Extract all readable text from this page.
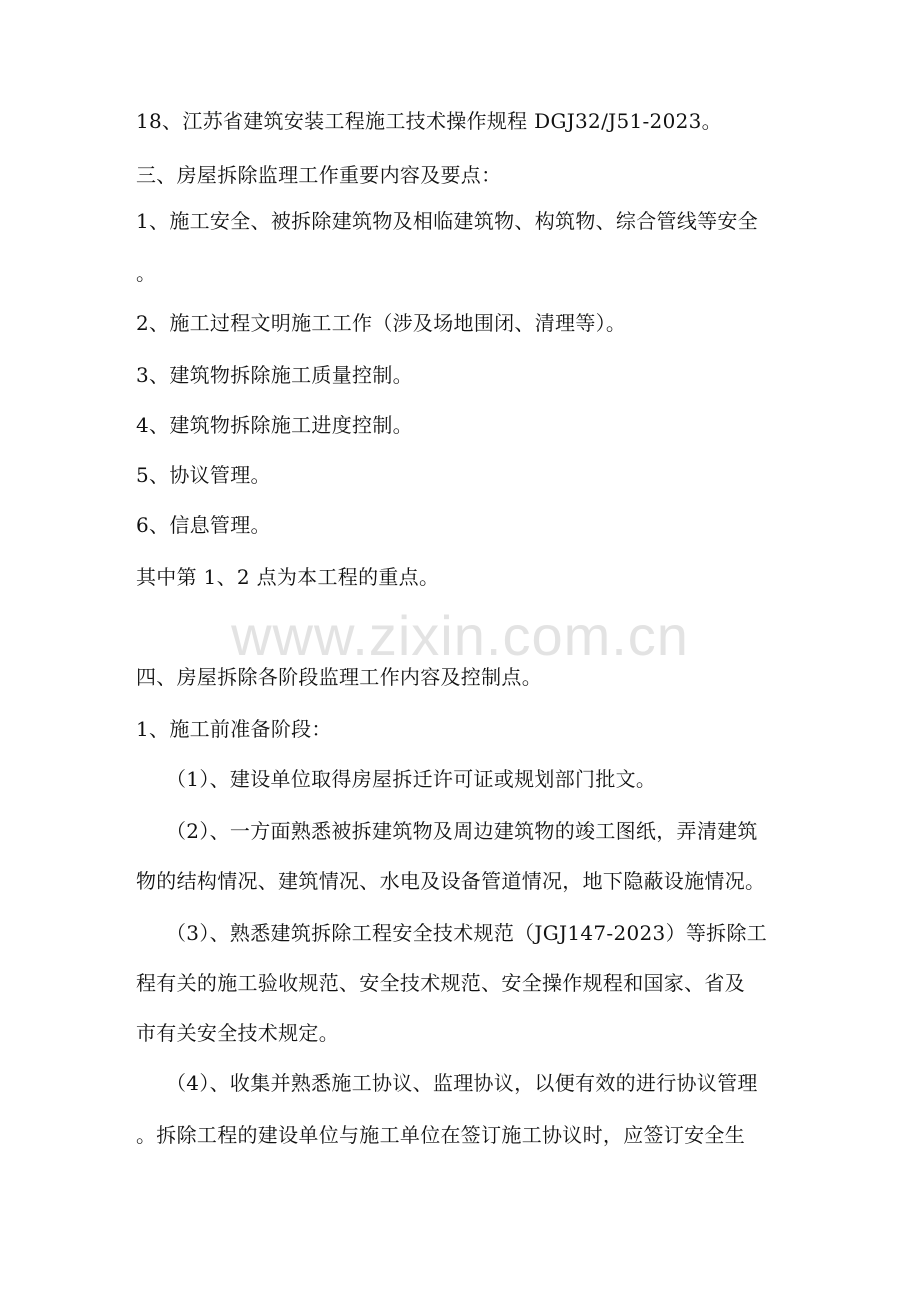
www.zixin.com.cn
18、江苏省建筑安装工程施工技术操作规程 DGJ32/J51-2023。
三、房屋拆除监理工作重要内容及要点：
1、施工安全、被拆除建筑物及相临建筑物、构筑物、综合管线等安全
。
2、施工过程文明施工工作（涉及场地围闭、清理等）。
3、建筑物拆除施工质量控制。
4、建筑物拆除施工进度控制。
5、协议管理。
6、信息管理。
其中第 1、2 点为本工程的重点。
四、房屋拆除各阶段监理工作内容及控制点。
1、施工前准备阶段：
（1）、建设单位取得房屋拆迁许可证或规划部门批文。
（2）、一方面熟悉被拆建筑物及周边建筑物的竣工图纸，弄清建筑
物的结构情况、建筑情况、水电及设备管道情况，地下隐蔽设施情况。
（3）、熟悉建筑拆除工程安全技术规范（JGJ147-2023）等拆除工
程有关的施工验收规范、安全技术规范、安全操作规程和国家、省及
市有关安全技术规定。
（4）、收集并熟悉施工协议、监理协议，以便有效的进行协议管理
。拆除工程的建设单位与施工单位在签订施工协议时，应签订安全生
